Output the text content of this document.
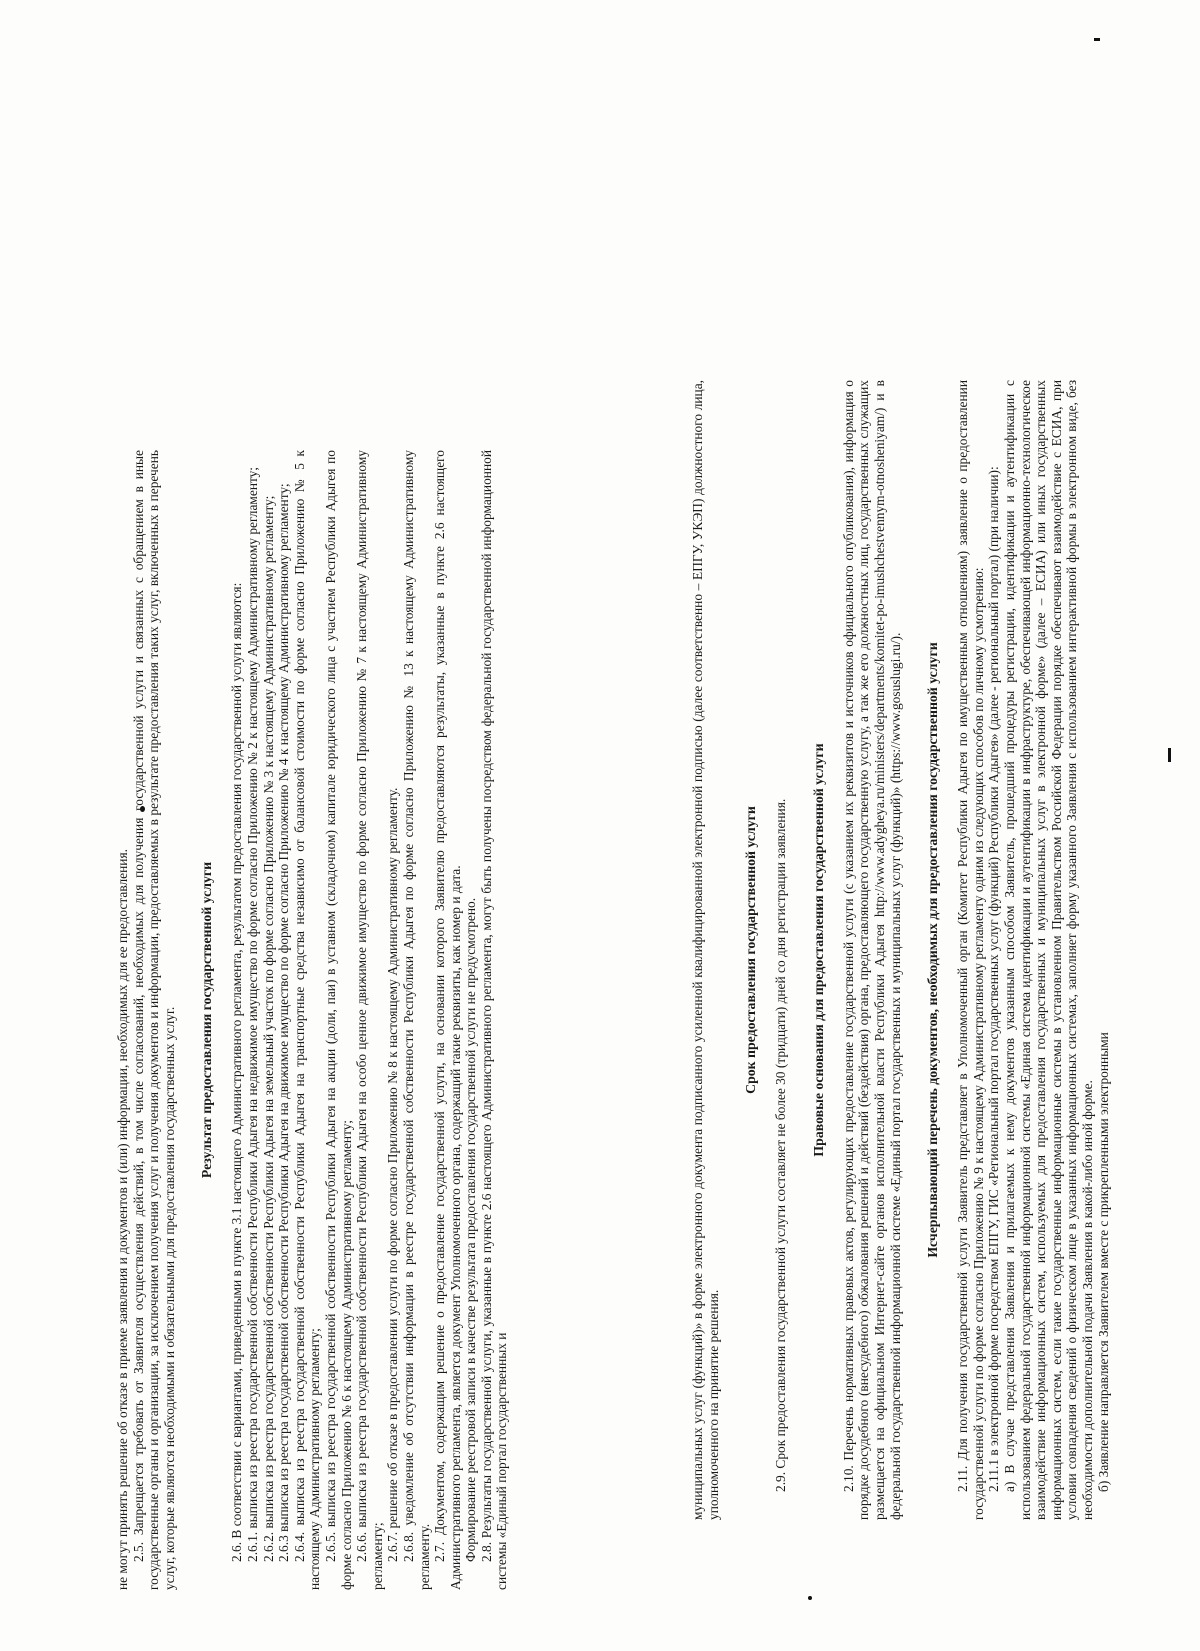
не могут принять решение об отказе в приеме заявления и документов и (или) информации, необходимых для ее предоставления. 2.5. Запрещается требовать от Заявителя осуществления действий, в том числе согласований, необходимых для получения государственной услуги и связанных с обращением в иные государственные органы и организации, за исключением получения услуг и получения документов и информации, предоставляемых в результате предоставления таких услуг, включенных в перечень услуг, которые являются необходимыми и обязательными для предоставления государственных услуг. Результат предоставления государственной услуги 2.6. В соответствии с вариантами, приведенными в пункте 3.1 настоящего Административного регламента, результатом предоставления государственной услуги являются: 2.6.1. выписка из реестра государственной собственности Республики Адыгея на недвижимое имущество по форме согласно Приложению № 2 к настоящему Административному регламенту; 2.6.2. выписка из реестра государственной собственности Республики Адыгея на земельный участок по форме согласно Приложению № 3 к настоящему Административному регламенту; 2.6.3 выписка из реестра государственной собственности Республики Адыгея на движимое имущество по форме согласно Приложению № 4 к настоящему Административному регламенту; 2.6.4. выписка из реестра государственной собственности Республики Адыгея на транспортные средства независимо от балансовой стоимости по форме согласно Приложению № 5 к настоящему Административному регламенту; 2.6.5. выписка из реестра государственной собственности Республики Адыгея на акции (доли, паи) в уставном (складочном) капитале юридического лица с участием Республики Адыгея по форме согласно Приложению № 6 к настоящему Административному регламенту; 2.6.6. выписка из реестра государственной собственности Республики Адыгея на особо ценное движимое имущество по форме согласно Приложению № 7 к настоящему Административному регламенту; 2.6.7. решение об отказе в предоставлении услуги по форме согласно Приложению № 8 к настоящему Административному регламенту. 2.6.8. уведомление об отсутствии информации в реестре государственной собственности Республики Адыгея по форме согласно Приложению № 13 к настоящему Административному регламенту. 2.7. Документом, содержащим решение о предоставление государственной услуги, на основании которого Заявителю предоставляются результаты, указанные в пункте 2.6 настоящего Административного регламента, является документ Уполномоченного органа, содержащий такие реквизиты, как номер и дата. Формирование реестровой записи в качестве результата предоставления государственной услуги не предусмотрено. 2.8. Результаты государственной услуги, указанные в пункте 2.6 настоящего Административного регламента, могут быть получены посредством федеральной государственной информационной системы «Единый портал государственных и	муниципальных услуг (функций)» в форме электронного документа подписанного усиленной квалифицированной электронной подписью (далее соответственно – ЕПГУ, УКЭП) должностного лица, уполномоченного на принятие решения.

Срок предоставления государственной услуги 2.9. Срок предоставления государственной услуги составляет не более 30 (тридцати) дней со дня регистрации заявления. Правовые основания для предоставления государственной услуги 2.10. Перечень нормативных правовых актов, регулирующих предоставление государственной услуги (с указанием их реквизитов и источников официального опубликования), информация о порядке досудебного (внесудебного) обжалования решений и действий (бездействия) органа, предоставляющего государственную услугу, а так же его должностных лиц, государственных служащих размещается на официальном Интернет-сайте органов исполнительной власти Республики Адыгея http://www.adygheya.ru/ministers/departments/komitet-po-imushchestvennym-otnosheniyam/) и в федеральной государственной информационной системе «Единый портал государственных и муниципальных услуг (функций)» (https://www.gosuslugi.ru/). Исчерпывающий перечень документов, необходимых для предоставления государственной услуги 2.11. Для получения государственной услуги Заявитель представляет в Уполномоченный орган (Комитет Республики Адыгея по имущественным отношениям) заявление о предоставлении государственной услуги по форме согласно Приложению № 9 к настоящему Административному регламенту одним из следующих способов по личному усмотрению: 2.11.1 в электронной форме посредством ЕПГУ, ГИС «Региональный портал государственных услуг (функций) Республики Адыгея» (далее - региональный портал) (при наличии): а) В случае представления Заявления и прилагаемых к нему документов указанным способом Заявитель, прошедший процедуры регистрации, идентификации и аутентификации с использованием федеральной государственной информационной системы «Единая система идентификации и аутентификации в инфраструктуре, обеспечивающей информационно-технологическое взаимодействие информационных систем, используемых для предоставления государственных и муниципальных услуг в электронной форме» (далее – ЕСИА) или иных государственных информационных систем, если такие государственные информационные системы в установленном Правительством Российской Федерации порядке обеспечивают взаимодействие с ЕСИА, при условии совпадения сведений о физическом лице в указанных информационных системах, заполняет форму указанного Заявления с использованием интерактивной формы в электронном виде, без необходимости дополнительной подачи Заявления в какой-либо иной форме. б) Заявление направляется Заявителем вместе с прикрепленными электронными
